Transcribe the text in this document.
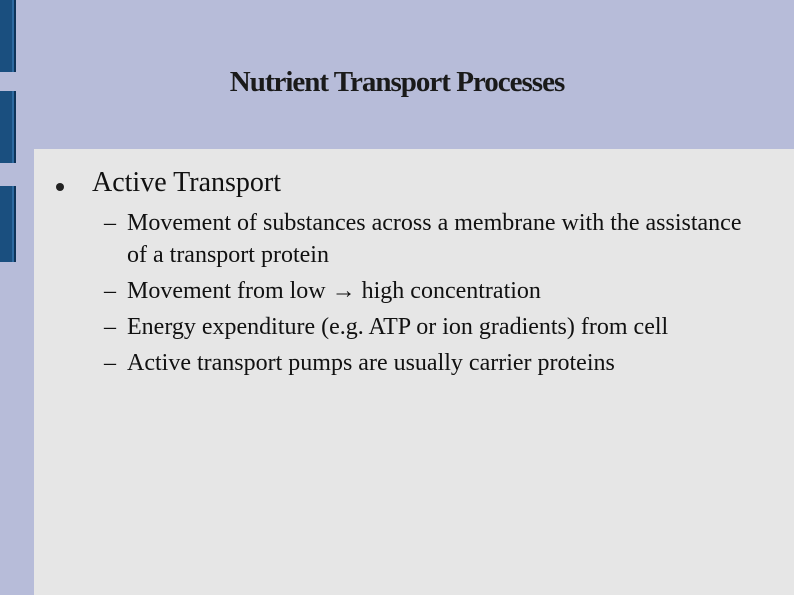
Nutrient Transport Processes
Active Transport
– Movement of substances across a membrane with the assistance of a transport protein
– Movement from low → high concentration
– Energy expenditure (e.g. ATP or ion gradients) from cell
– Active transport pumps are usually carrier proteins
